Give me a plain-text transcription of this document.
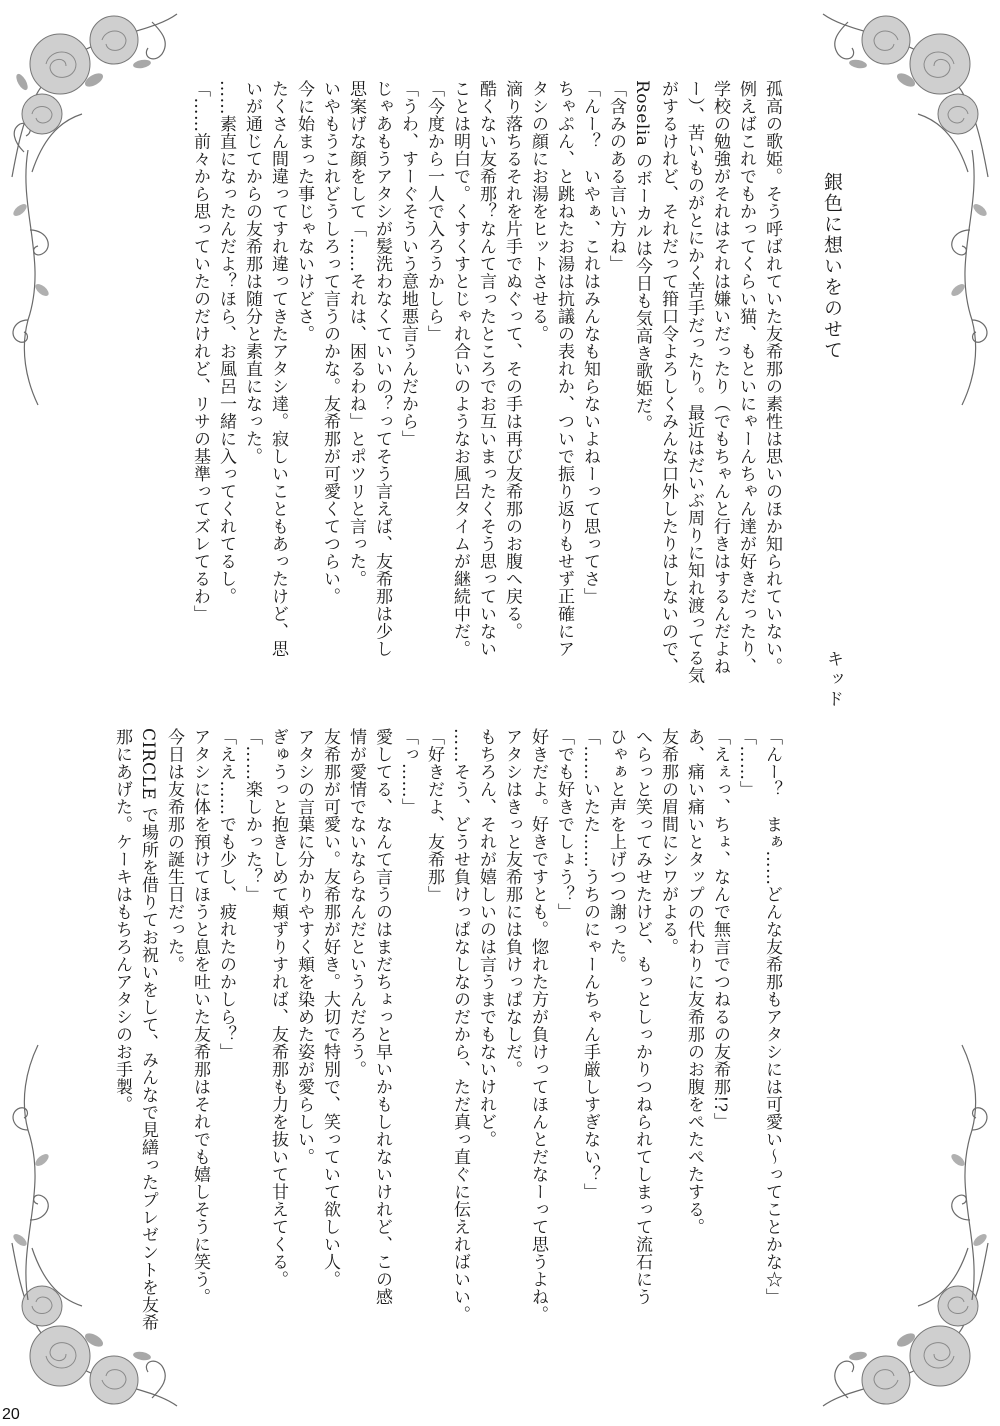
銀色に想いをのせて
キッド
孤高の歌姫。そう呼ばれていた友希那の素性は思いのほか知られていない。
例えばこれでもかってくらい猫、もといにゃーんちゃん達が好きだったり、
学校の勉強がそれはそれは嫌いだったり（でもちゃんと行きはするんだよね
ー）、苦いものがとにかく苦手だったり。最近はだいぶ周りに知れ渡ってる気
がするけれど、それだって箝口令よろしくみんな口外したりはしないので、
Roselia のボーカルは今日も気高き歌姫だ。
「含みのある言い方ね」
「んー？　いやぁ、これはみんなも知らないよねーって思ってさ」
ちゃぷん、と跳ねたお湯は抗議の表れか、ついで振り返りもせず正確にア
タシの顔にお湯をヒットさせる。
滴り落ちるそれを片手でぬぐって、その手は再び友希那のお腹へ戻る。
酷くない友希那？なんて言ったところでお互いまったくそう思っていない
ことは明白で。くすくすとじゃれ合いのようなお風呂タイムが継続中だ。
「今度から一人で入ろうかしら」
「うわ、すーぐそういう意地悪言うんだから」
じゃあもうアタシが髪洗わなくていいの？ってそう言えば、友希那は少し
思案げな顔をして「……それは、困るわね」とポツリと言った。
いやもうこれどうしろって言うのかな。友希那が可愛くてつらい。
今に始まった事じゃないけどさ。
たくさん間違ってすれ違ってきたアタシ達。寂しいこともあったけど、思
いが通じてからの友希那は随分と素直になった。
……素直になったんだよ？ほら、お風呂一緒に入ってくれてるし。
「……前々から思っていたのだけれど、リサの基準ってズレてるわ」
「んー？　まぁ……どんな友希那もアタシには可愛い～ってことかな☆」
「……」
「えぇっ、ちょ、なんで無言でつねるの友希那!?」
あ、痛い痛いとタップの代わりに友希那のお腹をぺたぺたする。
友希那の眉間にシワがよる。
へらっと笑ってみせたけど、もっとしっかりつねられてしまって流石にう
ひゃぁと声を上げつつ謝った。
「……いたた……うちのにゃーんちゃん手厳しすぎない？」
「でも好きでしょう？」
好きだよ。好きですとも。惚れた方が負けってほんとだなーって思うよね。
アタシはきっと友希那には負けっぱなしだ。
もちろん、それが嬉しいのは言うまでもないけれど。
……そう、どうせ負けっぱなしなのだから、ただ真っ直ぐに伝えればいい。
「好きだよ、友希那」
「っ……」
愛してる、なんて言うのはまだちょっと早いかもしれないけれど、この感
情が愛情でないならなんだというんだろう。
友希那が可愛い。友希那が好き。大切で特別で、笑っていて欲しい人。
アタシの言葉に分かりやすく頬を染めた姿が愛らしい。
ぎゅうっと抱きしめて頬ずりすれば、友希那も力を抜いて甘えてくる。
「……楽しかった？」
「ええ……でも少し、疲れたのかしら？」
アタシに体を預けてほうと息を吐いた友希那はそれでも嬉しそうに笑う。
今日は友希那の誕生日だった。
CIRCLE で場所を借りてお祝いをして、みんなで見繕ったプレゼントを友希
那にあげた。ケーキはもちろんアタシのお手製。
20
